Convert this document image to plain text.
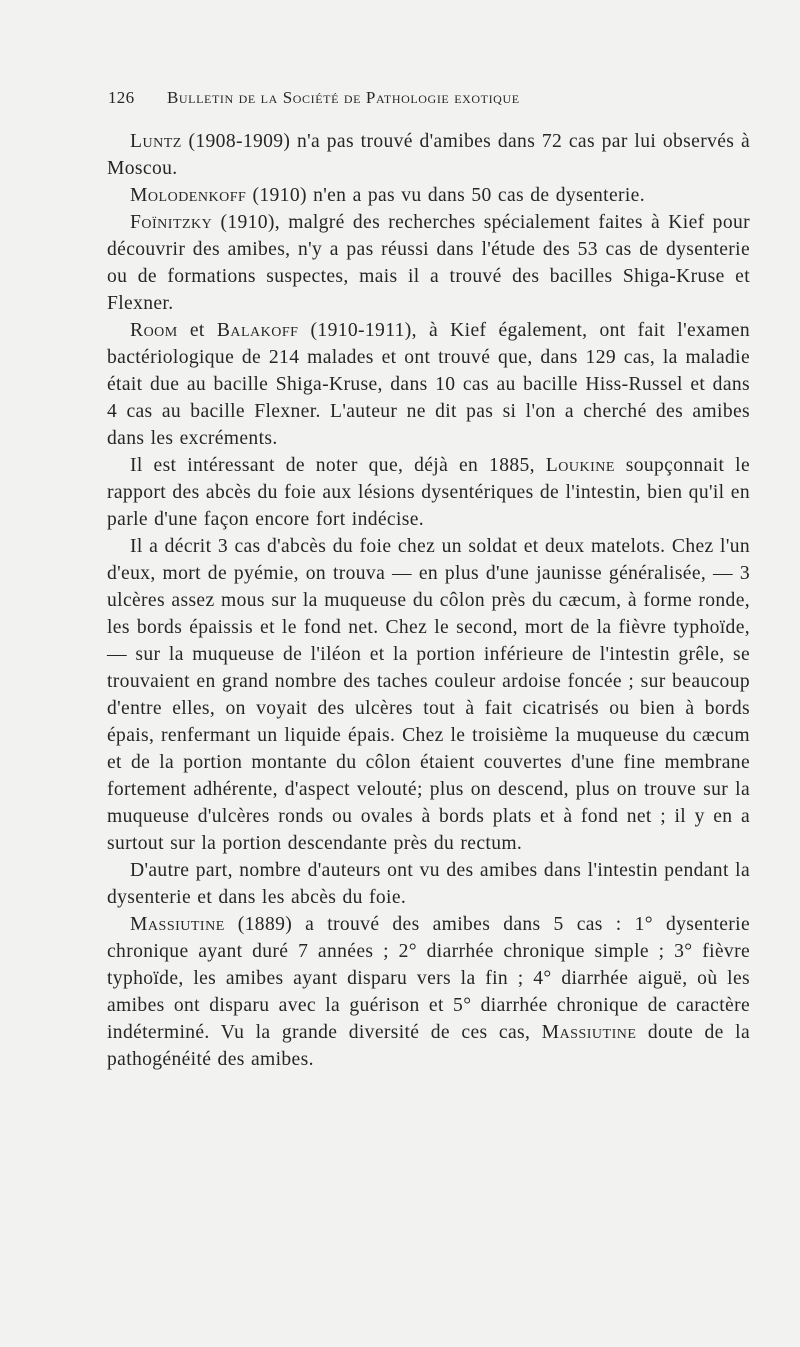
126 Bulletin de la Société de Pathologie exotique

Luntz (1908-1909) n'a pas trouvé d'amibes dans 72 cas par lui observés à Moscou.

Molodenkoff (1910) n'en a pas vu dans 50 cas de dysenterie.

Foïnitzky (1910), malgré des recherches spécialement faites à Kief pour découvrir des amibes, n'y a pas réussi dans l'étude des 53 cas de dysenterie ou de formations suspectes, mais il a trouvé des bacilles Shiga-Kruse et Flexner.

Room et Balakoff (1910-1911), à Kief également, ont fait l'examen bactériologique de 214 malades et ont trouvé que, dans 129 cas, la maladie était due au bacille Shiga-Kruse, dans 10 cas au bacille Hiss-Russel et dans 4 cas au bacille Flexner. L'auteur ne dit pas si l'on a cherché des amibes dans les excréments.

Il est intéressant de noter que, déjà en 1885, Loukine soupçonnait le rapport des abcès du foie aux lésions dysentériques de l'intestin, bien qu'il en parle d'une façon encore fort indécise.

Il a décrit 3 cas d'abcès du foie chez un soldat et deux matelots. Chez l'un d'eux, mort de pyémie, on trouva — en plus d'une jaunisse généralisée, — 3 ulcères assez mous sur la muqueuse du côlon près du cæcum, à forme ronde, les bords épaissis et le fond net. Chez le second, mort de la fièvre typhoïde, — sur la muqueuse de l'iléon et la portion inférieure de l'intestin grêle, se trouvaient en grand nombre des taches couleur ardoise foncée ; sur beaucoup d'entre elles, on voyait des ulcères tout à fait cicatrisés ou bien à bords épais, renfermant un liquide épais. Chez le troisième la muqueuse du cæcum et de la portion montante du côlon étaient couvertes d'une fine membrane fortement adhérente, d'aspect velouté; plus on descend, plus on trouve sur la muqueuse d'ulcères ronds ou ovales à bords plats et à fond net ; il y en a surtout sur la portion descendante près du rectum.

D'autre part, nombre d'auteurs ont vu des amibes dans l'intestin pendant la dysenterie et dans les abcès du foie.

Massiutine (1889) a trouvé des amibes dans 5 cas : 1° dysenterie chronique ayant duré 7 années ; 2° diarrhée chronique simple ; 3° fièvre typhoïde, les amibes ayant disparu vers la fin ; 4° diarrhée aiguë, où les amibes ont disparu avec la guérison et 5° diarrhée chronique de caractère indéterminé. Vu la grande diversité de ces cas, Massiutine doute de la pathogénéité des amibes.
